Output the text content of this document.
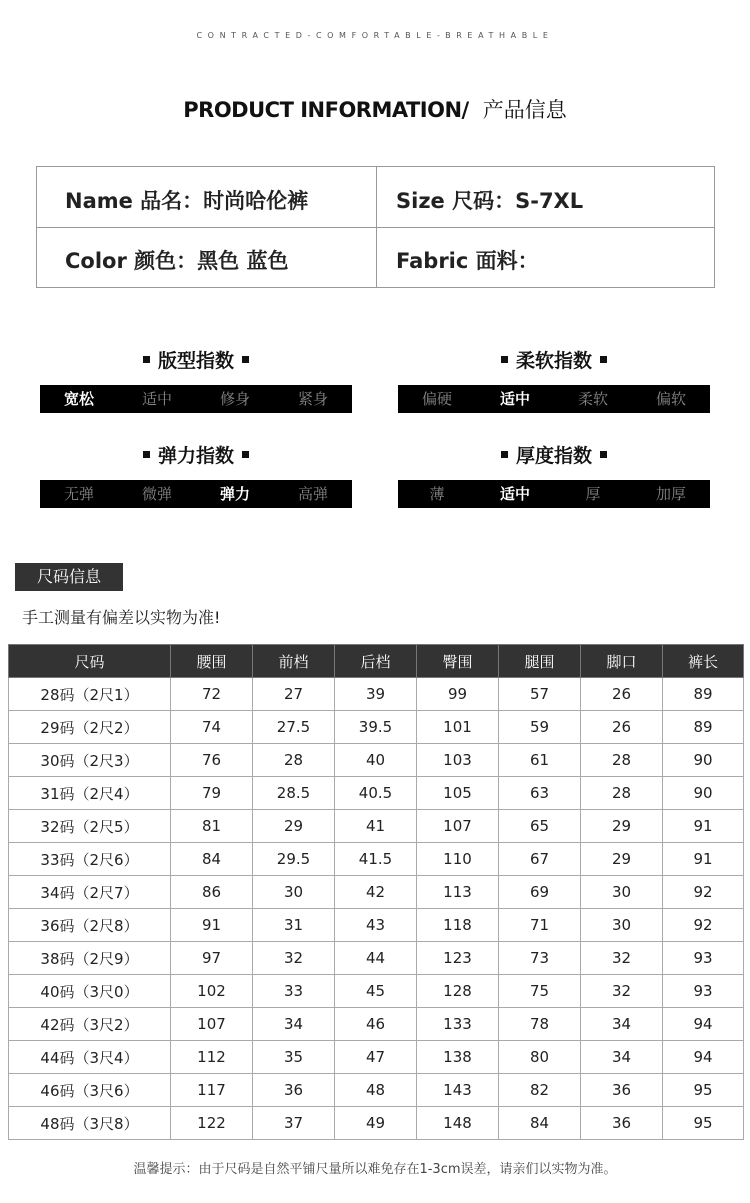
CONTRACTED-COMFORTABLE-BREATHABLE
PRODUCT INFORMATION/ 产品信息
Name 品名：时尚哈伦裤	Size 尺码：S-7XL
Color 颜色：黑色 蓝色	Fabric 面料：
版型指数
宽松	适中	修身	紧身
柔软指数
偏硬	适中	柔软	偏软
弹力指数
无弹	微弹	弹力	高弹
厚度指数
薄	适中	厚	加厚
尺码信息
手工测量有偏差以实物为准!
尺码	腰围	前档	后档	臀围	腿围	脚口	裤长
28码（2尺1）	72	27	39	99	57	26	89
29码（2尺2）	74	27.5	39.5	101	59	26	89
30码（2尺3）	76	28	40	103	61	28	90
31码（2尺4）	79	28.5	40.5	105	63	28	90
32码（2尺5）	81	29	41	107	65	29	91
33码（2尺6）	84	29.5	41.5	110	67	29	91
34码（2尺7）	86	30	42	113	69	30	92
36码（2尺8）	91	31	43	118	71	30	92
38码（2尺9）	97	32	44	123	73	32	93
40码（3尺0）	102	33	45	128	75	32	93
42码（3尺2）	107	34	46	133	78	34	94
44码（3尺4）	112	35	47	138	80	34	94
46码（3尺6）	117	36	48	143	82	36	95
48码（3尺8）	122	37	49	148	84	36	95
温馨提示：由于尺码是自然平铺尺量所以难免存在1-3cm误差，请亲们以实物为准。
